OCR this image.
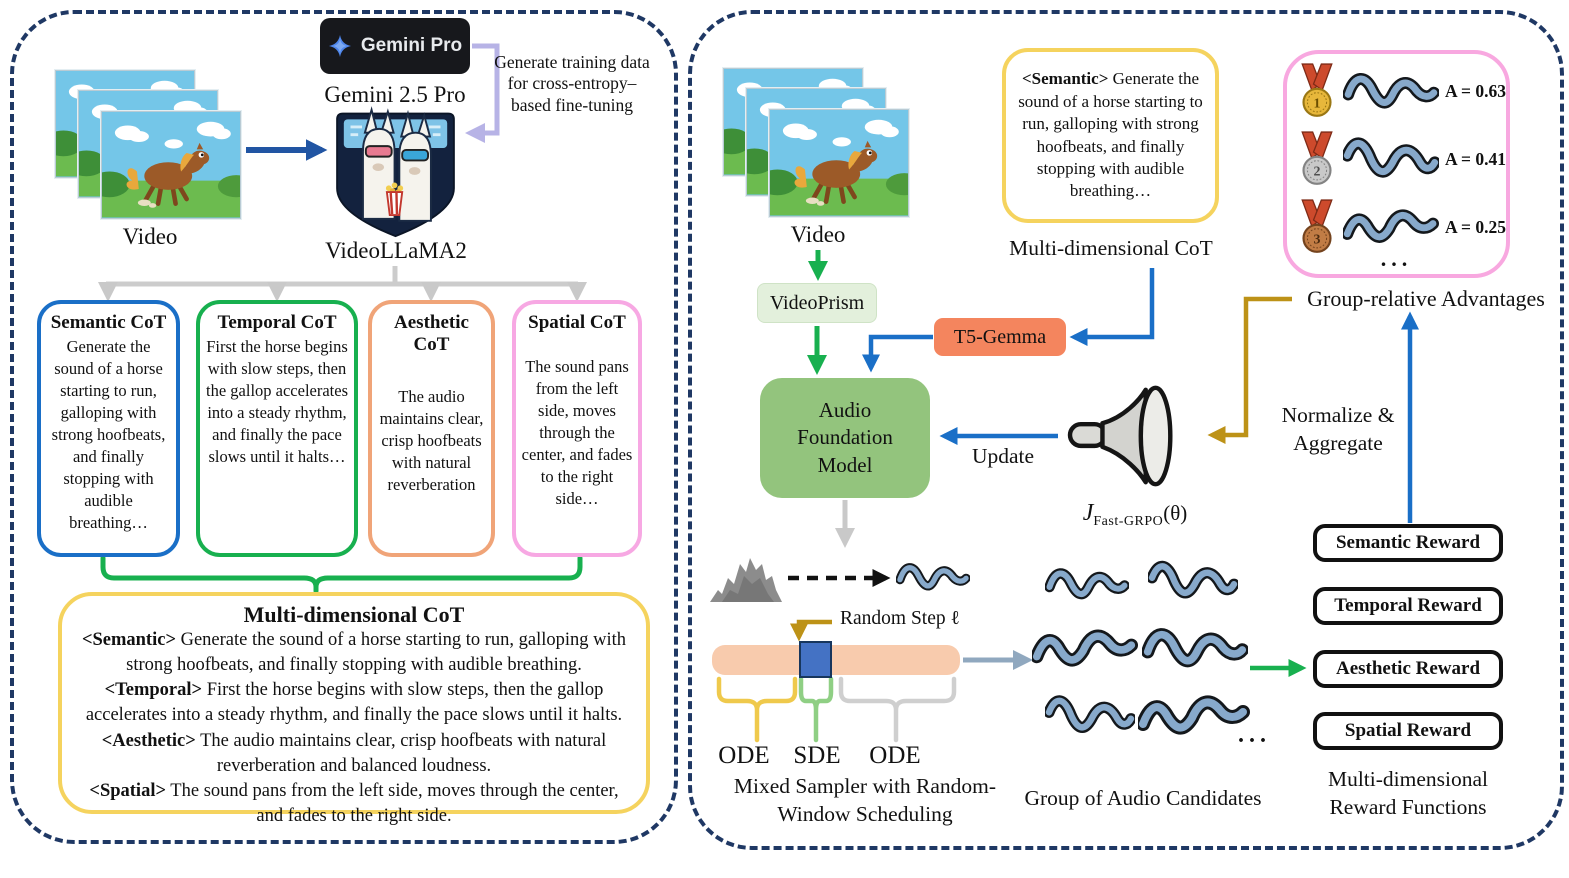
Video
Gemini Pro
Gemini 2.5 Pro
VideoLLaMA2
Generate training data for cross-entropy–based fine-tuning
Semantic CoT
Generate the sound of a horse starting to run, galloping with strong hoofbeats, and finally stopping with audible breathing…
Temporal CoT
First the horse begins with slow steps, then the gallop accelerates into a steady rhythm, and finally the pace slows until it halts…
Aesthetic CoT
The audio maintains clear, crisp hoofbeats with natural reverberation
Spatial CoT
The sound pans from the left side, moves through the center, and fades to the right side…
Multi-dimensional CoT
<Semantic> Generate the sound of a horse starting to run, galloping with strong hoofbeats, and finally stopping with audible breathing.
<Temporal> First the horse begins with slow steps, then the gallop accelerates into a steady rhythm, and finally the pace slows until it halts.
<Aesthetic> The audio maintains clear, crisp hoofbeats with natural reverberation and balanced loudness.
<Spatial> The sound pans from the left side, moves through the center, and fades to the right side.
Video
VideoPrism
<Semantic> Generate the sound of a horse starting to run, galloping with strong hoofbeats, and finally stopping with audible breathing…
Multi-dimensional CoT
T5-Gemma
Audio Foundation Model	Update
$J_{Fast-GRPO}(\theta)$
1
A = 0.63
2
A = 0.41
3
A = 0.25
...
Group-relative Advantages
Normalize & Aggregate
Semantic Reward
Temporal Reward
Aesthetic Reward
Spatial Reward
Multi-dimensional Reward Functions
Random Step ℓ
ODE SDE	ODE
Mixed Sampler with Random-Window Scheduling
...
Group of Audio Candidates
